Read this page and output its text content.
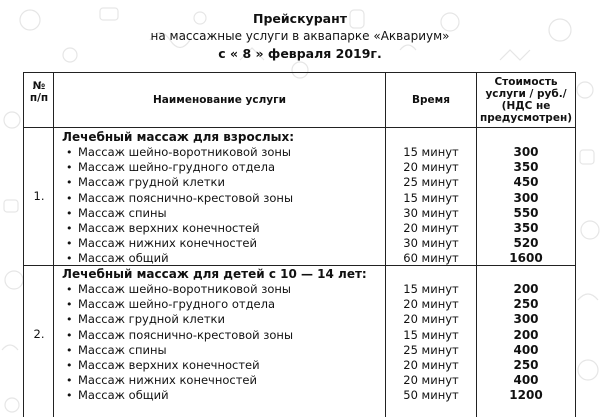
Прейскурант
на массажные услуги в аквапарке «Аквариум»
с « 8 » февраля 2019г.
№
п/п	Наименование услуги	Время
Стоимость
услуги / руб./
(НДС не
предусмотрен)
1.
Лечебный массаж для взрослых:
• Массаж шейно-воротниковой зоны
• Массаж шейно-грудного отдела
• Массаж грудной клетки
• Массаж пояснично-крестовой зоны
• Массаж спины
• Массаж верхних конечностей
• Массаж нижних конечностей
• Массаж общий
15 минут
20 минут
25 минут
15 минут
30 минут
20 минут
30 минут
60 минут
300
350
450
300
550
350
520
1600
2.
Лечебный массаж для детей с 10 — 14 лет:
• Массаж шейно-воротниковой зоны
• Массаж шейно-грудного отдела
• Массаж грудной клетки
• Массаж пояснично-крестовой зоны
• Массаж спины
• Массаж верхних конечностей
• Массаж нижних конечностей
• Массаж общий
15 минут
20 минут
20 минут
15 минут
25 минут
20 минут
20 минут
50 минут
200
250
300
200
400
250
400
1200
